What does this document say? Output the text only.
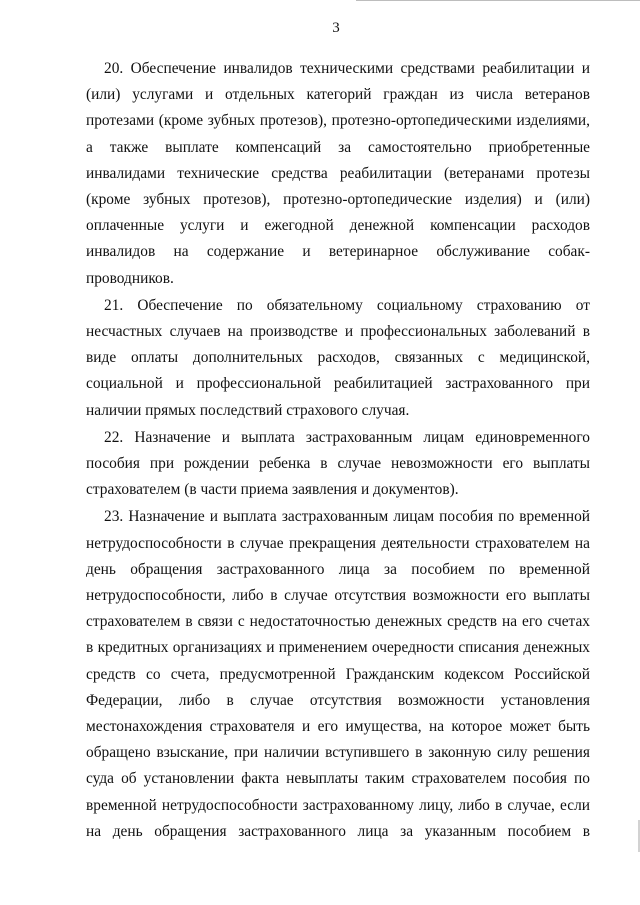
3

20. Обеспечение инвалидов техническими средствами реабилитации и (или) услугами и отдельных категорий граждан из числа ветеранов протезами (кроме зубных протезов), протезно-ортопедическими изделиями, а также выплате компенсаций за самостоятельно приобретенные инвалидами технические средства реабилитации (ветеранами протезы (кроме зубных протезов), протезно-ортопедические изделия) и (или) оплаченные услуги и ежегодной денежной компенсации расходов инвалидов на содержание и ветеринарное обслуживание собак-проводников.

21. Обеспечение по обязательному социальному страхованию от несчастных случаев на производстве и профессиональных заболеваний в виде оплаты дополнительных расходов, связанных с медицинской, социальной и профессиональной реабилитацией застрахованного при наличии прямых последствий страхового случая.

22. Назначение и выплата застрахованным лицам единовременного пособия при рождении ребенка в случае невозможности его выплаты страхователем (в части приема заявления и документов).

23. Назначение и выплата застрахованным лицам пособия по временной нетрудоспособности в случае прекращения деятельности страхователем на день обращения застрахованного лица за пособием по временной нетрудоспособности, либо в случае отсутствия возможности его выплаты страхователем в связи с недостаточностью денежных средств на его счетах в кредитных организациях и применением очередности списания денежных средств со счета, предусмотренной Гражданским кодексом Российской Федерации, либо в случае отсутствия возможности установления местонахождения страхователя и его имущества, на которое может быть обращено взыскание, при наличии вступившего в законную силу решения суда об установлении факта невыплаты таким страхователем пособия по временной нетрудоспособности застрахованному лицу, либо в случае, если на день обращения застрахованного лица за указанным пособием в
